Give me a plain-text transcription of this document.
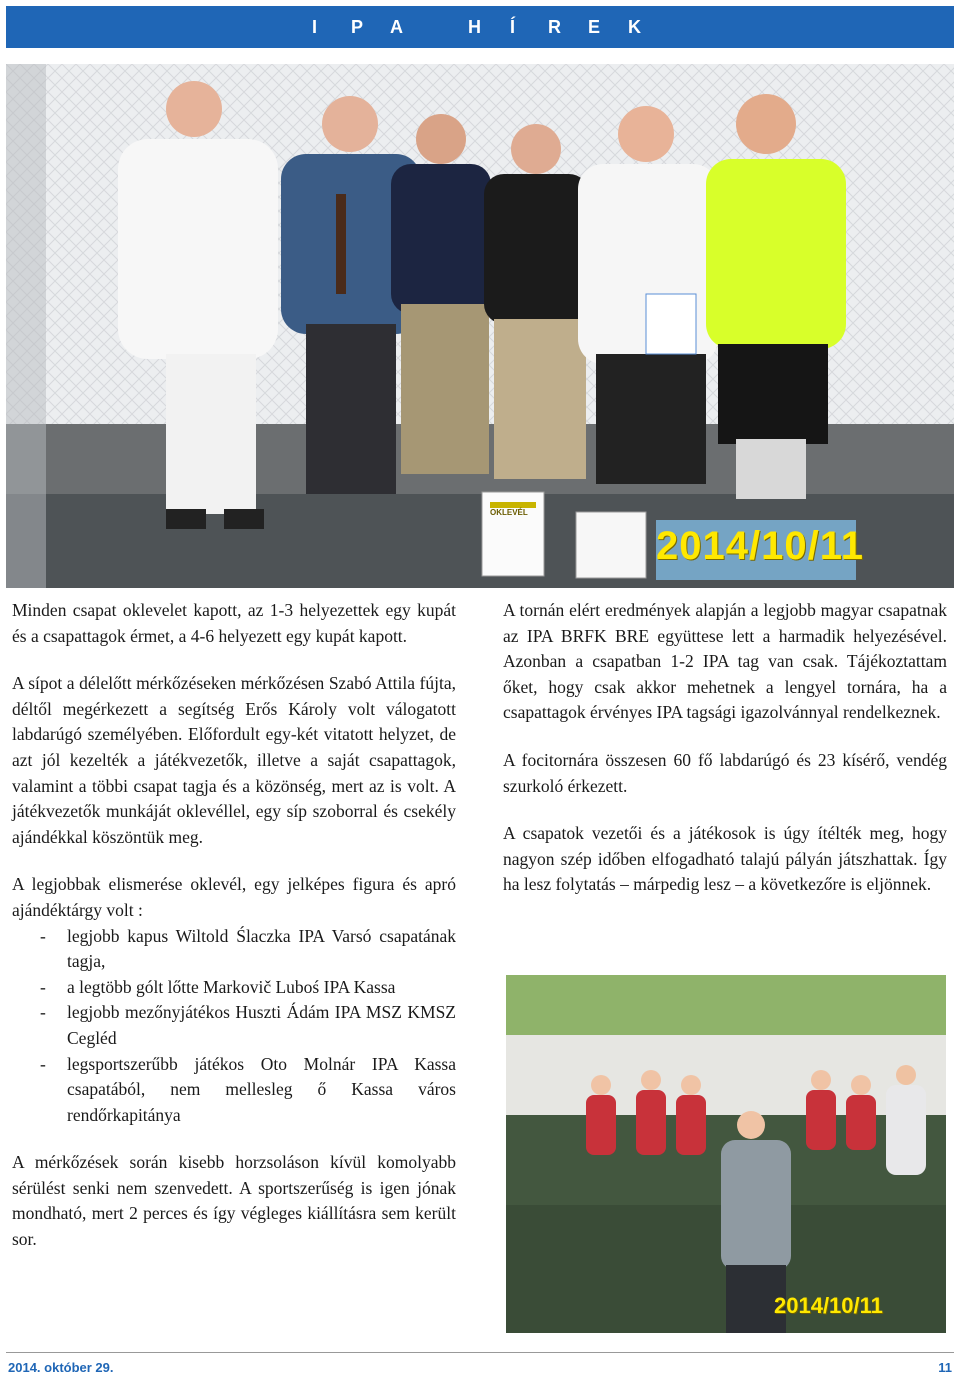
I P A	H Í R E K
2014/10/11
OKLEVÉL

Minden csapat oklevelet kapott, az 1-3 helyezettek egy kupát és a csapattagok érmet, a 4-6 helyezett egy kupát kapott.

A sípot a délelőtt mérkőzéseken mérkőzésen Szabó Attila fújta, déltől megérkezett a segítség Erős Károly volt válogatott labdarúgó személyében. Előfordult egy-két vitatott helyzet, de azt jól kezelték a játékvezetők, illetve a saját csapattagok, valamint a többi csapat tagja és a közönség, mert az is volt. A játékvezetők munkáját oklevéllel, egy síp szoborral és csekély ajándékkal köszöntük meg.

A legjobbak elismerése oklevél, egy jelképes figura és apró ajándéktárgy volt :

- legjobb kapus Wiltold Ślaczka IPA Varsó csapatának tagja,
- a legtöbb gólt lőtte Markovič Luboś IPA Kassa
- legjobb mezőnyjátékos Huszti Ádám IPA MSZ KMSZ Cegléd
- legsportszerűbb játékos Oto Molnár IPA Kassa csapatából, nem mellesleg ő Kassa város rendőrkapitánya

A mérkőzések során kisebb horzsoláson kívül komolyabb sérülést senki nem szenvedett. A sportszerűség is igen jónak mondható, mert 2 perces és így végleges kiállításra sem került sor.

A tornán elért eredmények alapján a legjobb magyar csapatnak az IPA BRFK BRE együttese lett a harmadik helyezésével. Azonban a csapatban 1-2 IPA tag van csak. Tájékoztattam őket, hogy csak akkor mehetnek a lengyel tornára, ha a csapattagok érvényes IPA tagsági igazolvánnyal rendelkeznek.

A focitornára összesen 60 fő labdarúgó és 23 kísérő, vendég szurkoló érkezett.

A csapatok vezetői és a játékosok is úgy ítélték meg, hogy nagyon szép időben elfogadható talajú pályán játszhattak. Így ha lesz folytatás – márpedig lesz – a következőre is eljönnek.

2014/10/11
2014. október 29.	11
